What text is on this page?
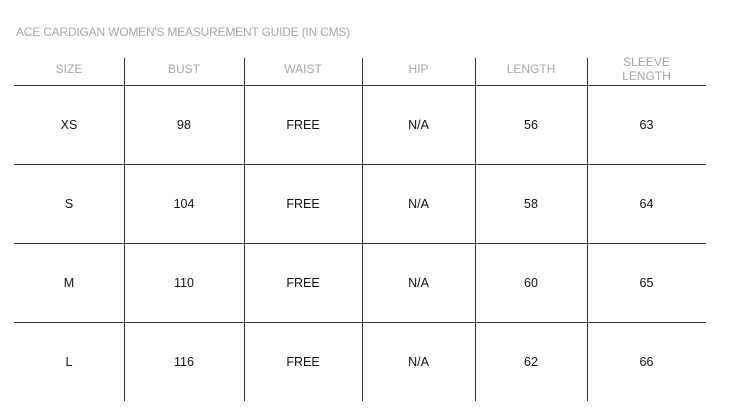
ACE CARDIGAN WOMEN'S MEASUREMENT GUIDE (IN CMS)
SIZE	BUST	WAIST	HIP	LENGTH	SLEEVE
LENGTH
XS	98	FREE	N/A	56	63
S	104	FREE	N/A	58	64
M	110	FREE	N/A	60	65
L	116	FREE	N/A	62	66
